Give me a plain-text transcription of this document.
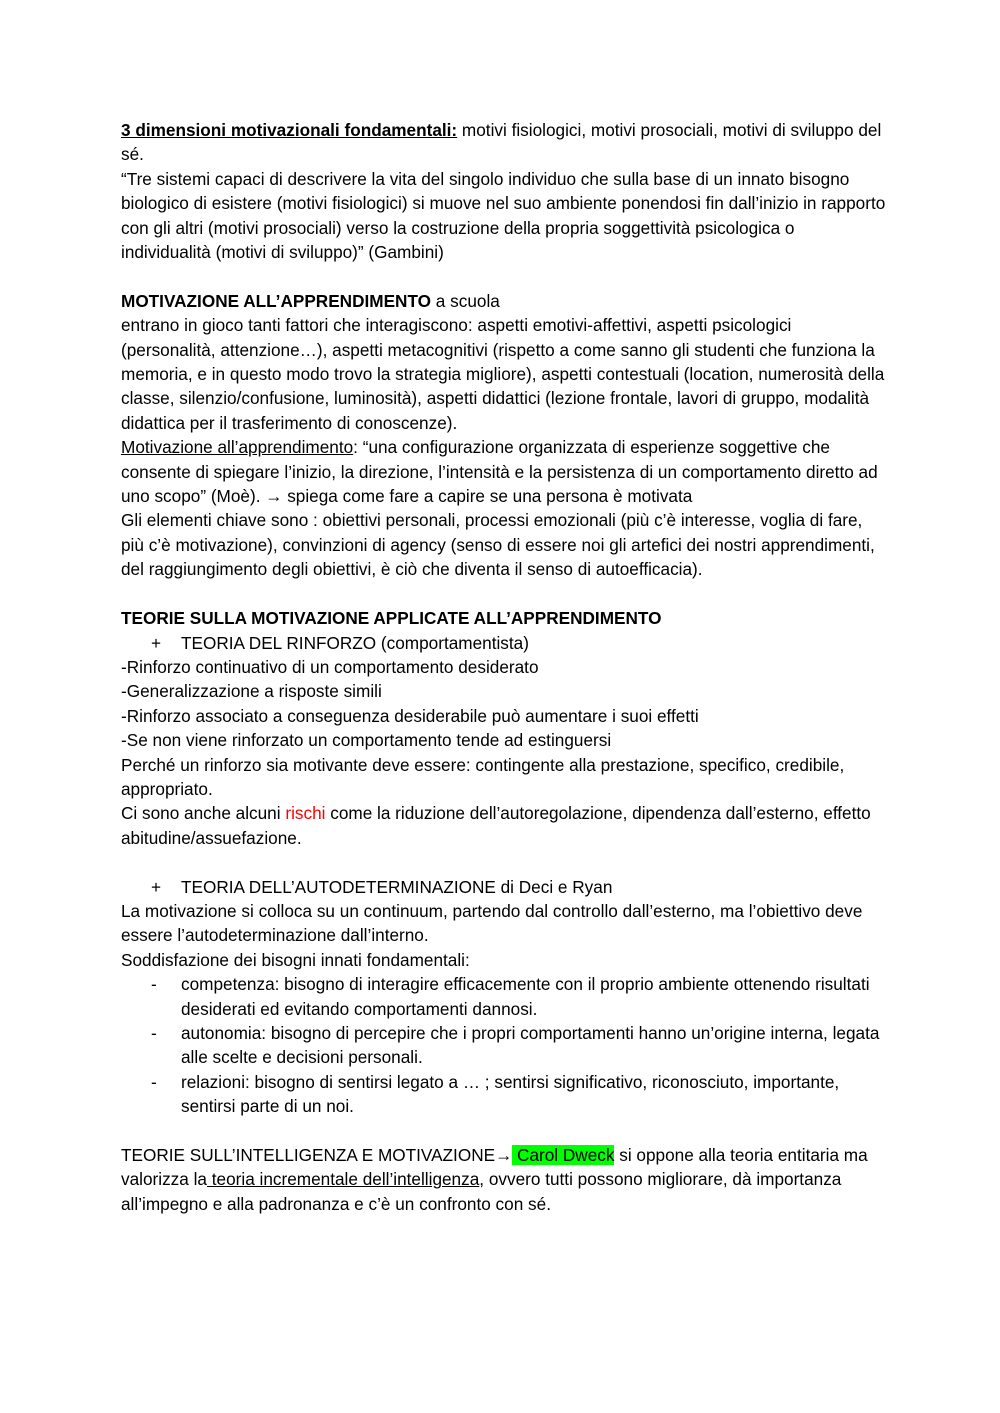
3 dimensioni motivazionali fondamentali: motivi fisiologici, motivi prosociali, motivi di sviluppo del sé.

“Tre sistemi capaci di descrivere la vita del singolo individuo che sulla base di un innato bisogno biologico di esistere (motivi fisiologici) si muove nel suo ambiente ponendosi fin dall’inizio in rapporto con gli altri (motivi prosociali) verso la costruzione della propria soggettività psicologica o individualità (motivi di sviluppo)” (Gambini)

MOTIVAZIONE ALL’APPRENDIMENTO a scuola

entrano in gioco tanti fattori che interagiscono: aspetti emotivi-affettivi, aspetti psicologici (personalità, attenzione…), aspetti metacognitivi (rispetto a come sanno gli studenti che funziona la memoria, e in questo modo trovo la strategia migliore), aspetti contestuali (location, numerosità della classe, silenzio/confusione, luminosità), aspetti didattici (lezione frontale, lavori di gruppo, modalità didattica per il trasferimento di conoscenze).

Motivazione all’apprendimento: “una configurazione organizzata di esperienze soggettive che consente di spiegare l’inizio, la direzione, l’intensità e la persistenza di un comportamento diretto ad uno scopo” (Moè). → spiega come fare a capire se una persona è motivata

Gli elementi chiave sono : obiettivi personali, processi emozionali (più c’è interesse, voglia di fare, più c’è motivazione), convinzioni di agency (senso di essere noi gli artefici dei nostri apprendimenti, del raggiungimento degli obiettivi, è ciò che diventa il senso di autoefficacia).

TEORIE SULLA MOTIVAZIONE APPLICATE ALL’APPRENDIMENTO

+ TEORIA DEL RINFORZO (comportamentista)

-Rinforzo continuativo di un comportamento desiderato

-Generalizzazione a risposte simili

-Rinforzo associato a conseguenza desiderabile può aumentare i suoi effetti

-Se non viene rinforzato un comportamento tende ad estinguersi

Perché un rinforzo sia motivante deve essere: contingente alla prestazione, specifico, credibile, appropriato.

Ci sono anche alcuni rischi come la riduzione dell’autoregolazione, dipendenza dall’esterno, effetto abitudine/assuefazione.

+ TEORIA DELL’AUTODETERMINAZIONE di Deci e Ryan

La motivazione si colloca su un continuum, partendo dal controllo dall’esterno, ma l’obiettivo deve essere l’autodeterminazione dall’interno.

Soddisfazione dei bisogni innati fondamentali:

- competenza: bisogno di interagire efficacemente con il proprio ambiente ottenendo risultati desiderati ed evitando comportamenti dannosi.

- autonomia: bisogno di percepire che i propri comportamenti hanno un’origine interna, legata alle scelte e decisioni personali.

- relazioni: bisogno di sentirsi legato a … ; sentirsi significativo, riconosciuto, importante, sentirsi parte di un noi.

TEORIE SULL’INTELLIGENZA E MOTIVAZIONE→ Carol Dweck si oppone alla teoria entitaria ma valorizza la teoria incrementale dell’intelligenza, ovvero tutti possono migliorare, dà importanza all’impegno e alla padronanza e c’è un confronto con sé.
